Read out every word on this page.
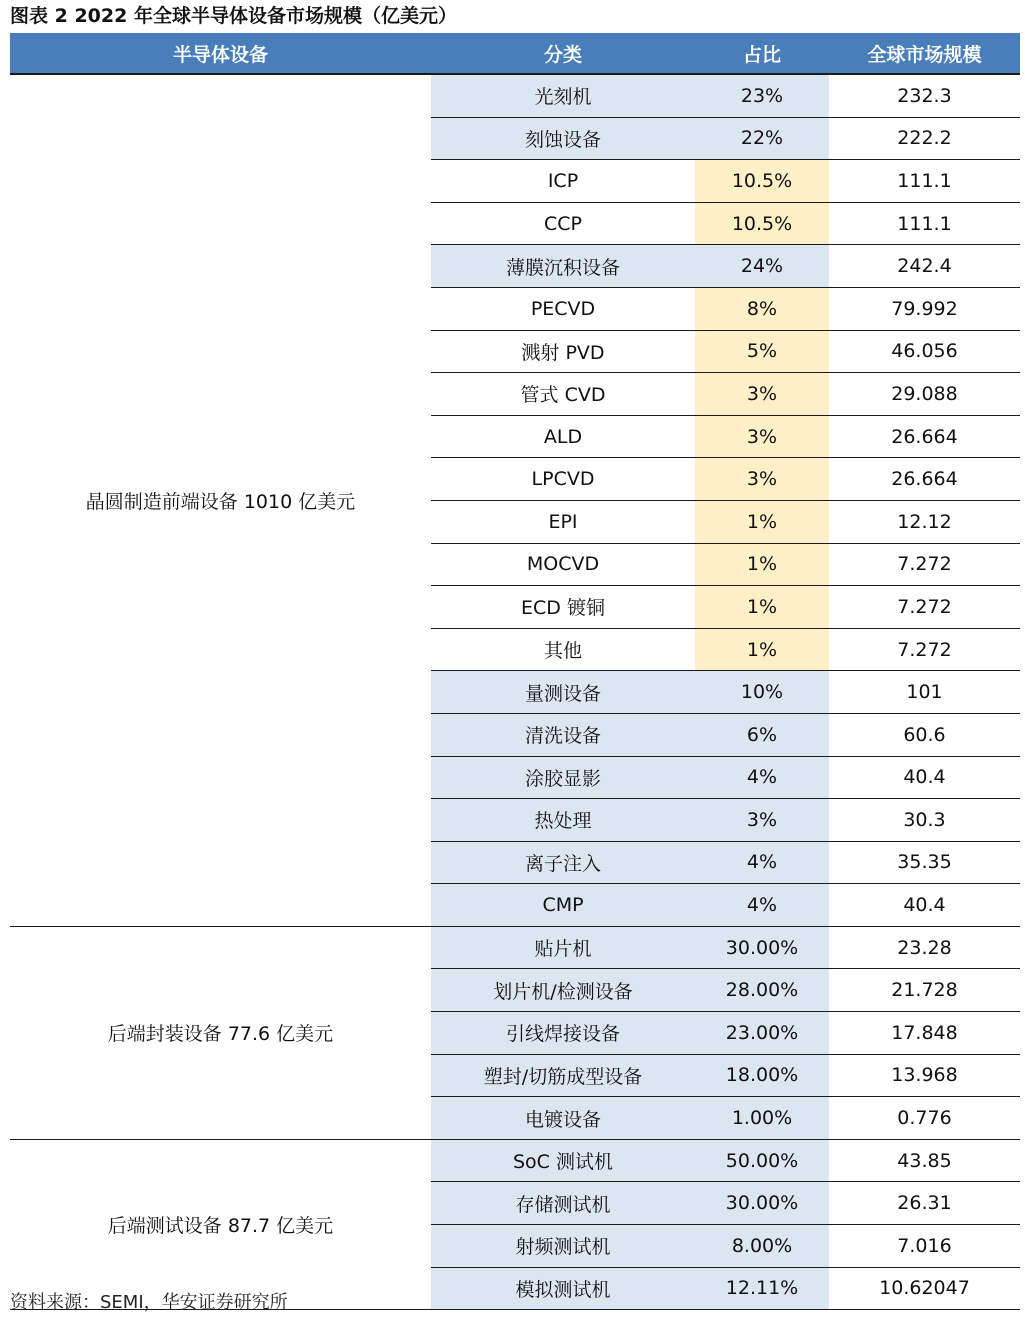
图表 2 2022 年全球半导体设备市场规模（亿美元）
半导体设备	分类	占比	全球市场规模
晶圆制造前端设备 1010 亿美元	光刻机	23%	232.3
	刻蚀设备	22%	222.2
	ICP	10.5%	111.1
	CCP	10.5%	111.1
	薄膜沉积设备	24%	242.4
	PECVD	8%	79.992
	溅射 PVD	5%	46.056
	管式 CVD	3%	29.088
	ALD	3%	26.664
	LPCVD	3%	26.664
	EPI	1%	12.12
	MOCVD	1%	7.272
	ECD 镀铜	1%	7.272
	其他	1%	7.272
	量测设备	10%	101
	清洗设备	6%	60.6
	涂胶显影	4%	40.4
	热处理	3%	30.3
	离子注入	4%	35.35
	CMP	4%	40.4
后端封装设备 77.6 亿美元	贴片机	30.00%	23.28
	划片机/检测设备	28.00%	21.728
	引线焊接设备	23.00%	17.848
	塑封/切筋成型设备	18.00%	13.968
	电镀设备	1.00%	0.776
后端测试设备 87.7 亿美元	SoC 测试机	50.00%	43.85
	存储测试机	30.00%	26.31
	射频测试机	8.00%	7.016
	模拟测试机	12.11%	10.62047
资料来源：SEMI，华安证券研究所
